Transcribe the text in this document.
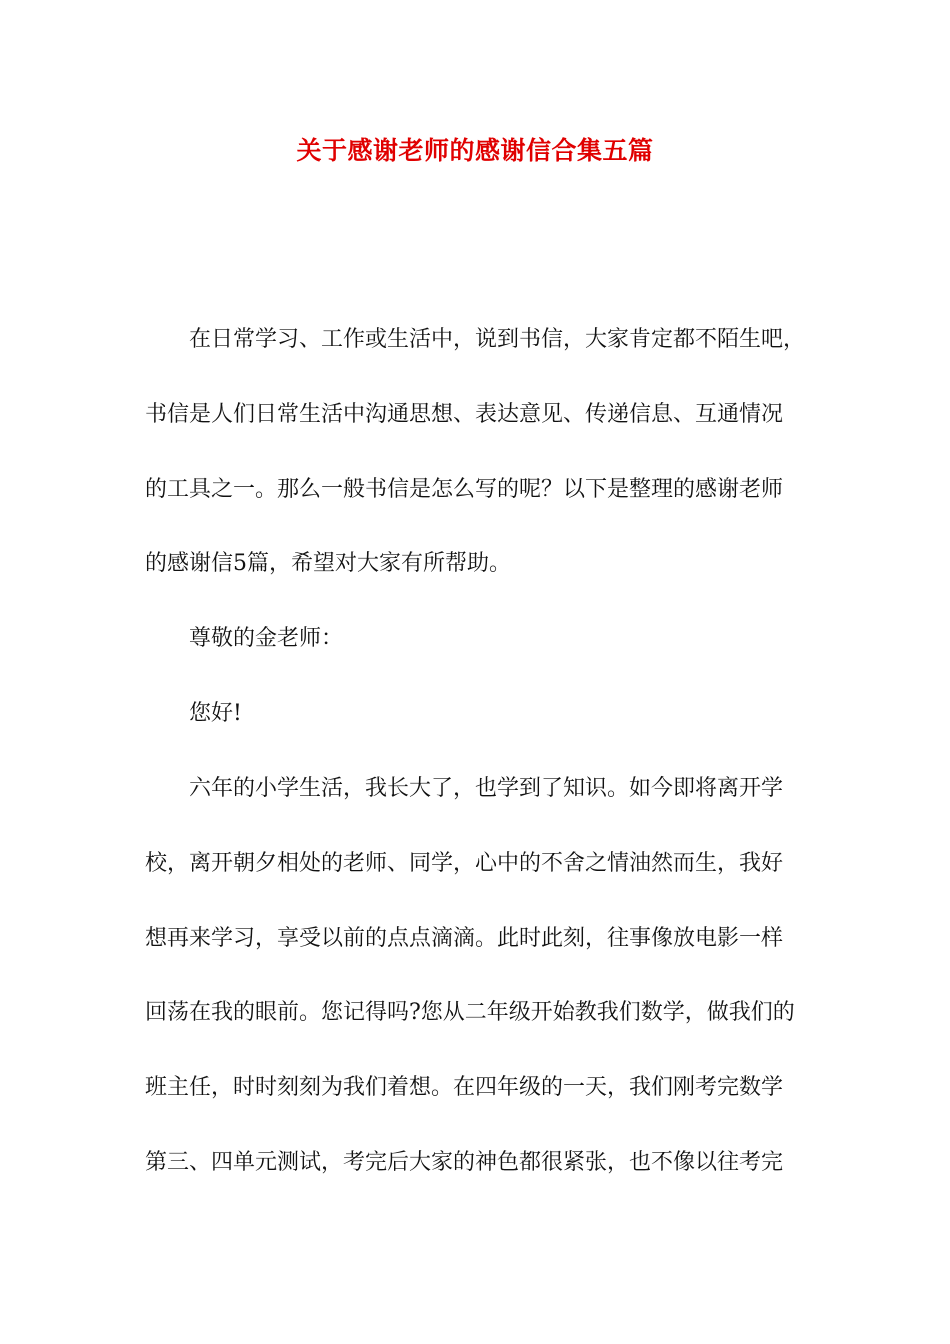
关于感谢老师的感谢信合集五篇
在日常学习、工作或生活中，说到书信，大家肯定都不陌生吧，
书信是人们日常生活中沟通思想、表达意见、传递信息、互通情况
的工具之一。那么一般书信是怎么写的呢？以下是整理的感谢老师
的感谢信5篇，希望对大家有所帮助。
尊敬的金老师：
您好!
六年的小学生活，我长大了，也学到了知识。如今即将离开学
校，离开朝夕相处的老师、同学，心中的不舍之情油然而生，我好
想再来学习，享受以前的点点滴滴。此时此刻，往事像放电影一样
回荡在我的眼前。您记得吗?您从二年级开始教我们数学，做我们的
班主任，时时刻刻为我们着想。在四年级的一天，我们刚考完数学
第三、四单元测试，考完后大家的神色都很紧张，也不像以往考完
